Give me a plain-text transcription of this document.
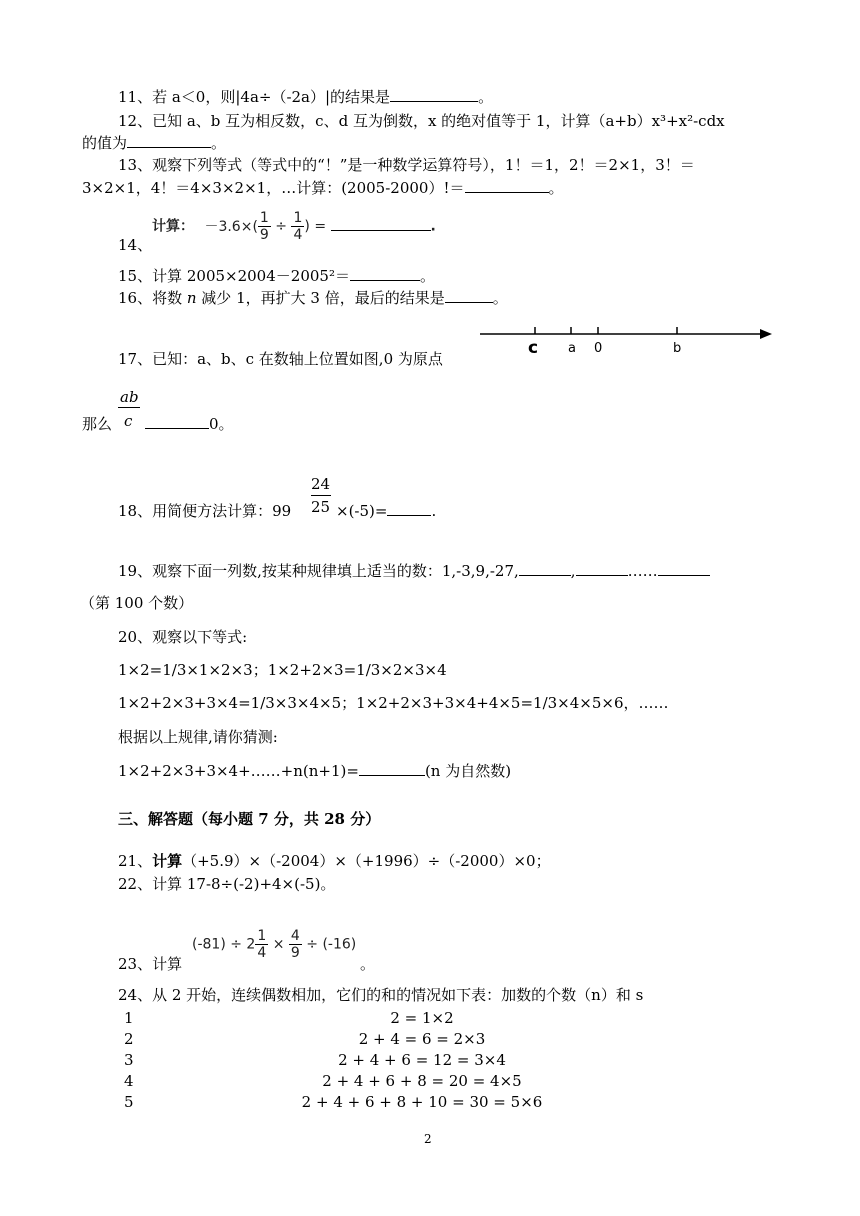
11、若 a＜0，则|4a÷（-2a）|的结果是	。
12、已知 a、b 互为相反数，c、d 互为倒数，x 的绝对值等于 1，计算（a+b）x³+x²-cdx
的值为	。
13、观察下列等式（等式中的“！”是一种数学运算符号），1！＝1，2！＝2×1，3！＝
3×2×1，4！＝4×3×2×1，…计算：(2005-2000）!＝	。
计算： $-3.6\times( \frac{1}{9} \div \frac{1}{4}$ ) =	.
14、
15、计算 2005×2004－2005²＝	。
16、将数 n 减少 1，再扩大 3 倍，最后的结果是	。
17、已知：a、b、c 在数轴上位置如图,0 为原点
c a 0	b
ab
c
那么	0。
18、用简便方法计算：99
24
25 ×(-5)=	.
19、观察下面一列数,按某种规律填上适当的数：1,-3,9,-27,	,	……
（第 100 个数）
20、观察以下等式:
1×2=1/3×1×2×3；1×2+2×3=1/3×2×3×4
1×2+2×3+3×4=1/3×3×4×5；1×2+2×3+3×4+4×5=1/3×4×5×6，……
根据以上规律,请你猜测:
1×2+2×3+3×4+……+n(n+1)=	(n 为自然数)
三、解答题（每小题 7 分，共 28 分）
21、计算（+5.9）×（-2004）×（+1996）÷（-2000）×0；
22、计算 17-8÷(-2)+4×(-5)。
$(-81) \div 2 \frac{1}{4} \times \frac{4}{9} \div (-16)$
23、计算	。
24、从 2 开始，连续偶数相加，它们的和的情况如下表：加数的个数（n）和 s
1	2 = 1×2
2	2 + 4 = 6 = 2×3
3	2 + 4 + 6 = 12 = 3×4
4	2 + 4 + 6 + 8 = 20 = 4×5
5	2 + 4 + 6 + 8 + 10 = 30 = 5×6
2
